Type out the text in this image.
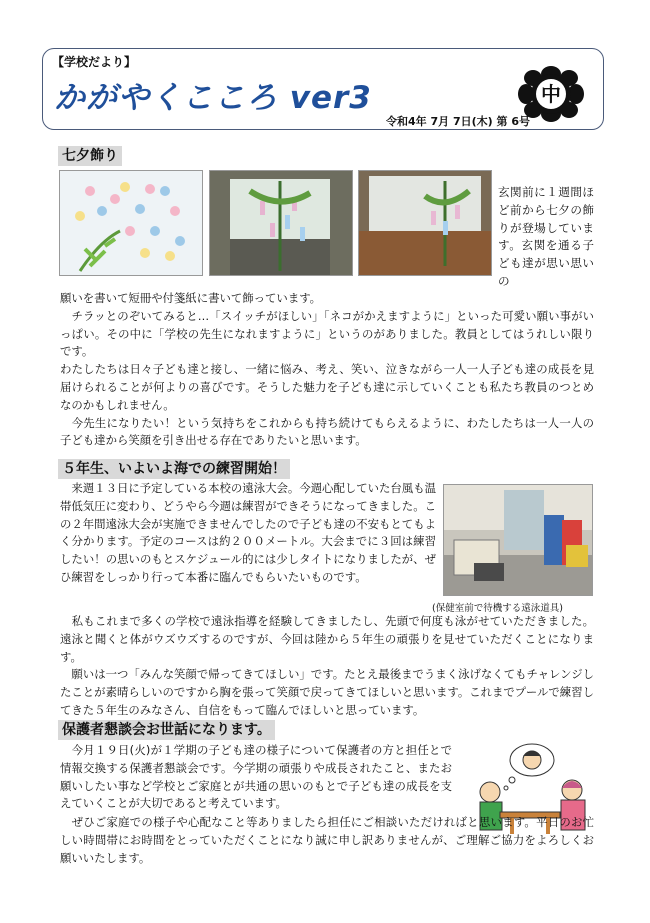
【学校だより】
かがやくこころ ver3
令和4年 7月 7日(木) 第 6号
中
七夕飾り
玄関前に１週間ほど前から七夕の飾りが登場しています。玄関を通る子ども達が思い思いの

願いを書いて短冊や付箋紙に書いて飾っています。

　チラッとのぞいてみると…「スイッチがほしい」「ネコがかえますように」といった可愛い願い事がいっぱい。その中に「学校の先生になれますように」というのがありました。教員としてはうれしい限りです。

わたしたちは日々子ども達と接し、一緒に悩み、考え、笑い、泣きながら一人一人子ども達の成長を見届けられることが何よりの喜びです。そうした魅力を子ども達に示していくことも私たち教員のつとめなのかもしれません。

　今先生になりたい！という気持ちをこれからも持ち続けてもらえるように、わたしたちは一人一人の子ども達から笑顔を引き出せる存在でありたいと思います。

５年生、いよいよ海での練習開始！

　来週１３日に予定している本校の遠泳大会。今週心配していた台風も温帯低気圧に変わり、どうやら今週は練習ができそうになってきました。この２年間遠泳大会が実施できませんでしたので子ども達の不安もとてもよく分かります。予定のコースは約２００メートル。大会までに３回は練習したい！の思いのもとスケジュール的には少しタイトになりましたが、ぜひ練習をしっかり行って本番に臨んでもらいたいものです。

(保健室前で待機する遠泳道具)

　私もこれまで多くの学校で遠泳指導を経験してきましたし、先頭で何度も泳がせていただきました。遠泳と聞くと体がウズウズするのですが、今回は陸から５年生の頑張りを見せていただくことになります。

　願いは一つ「みんな笑顔で帰ってきてほしい」です。たとえ最後までうまく泳げなくてもチャレンジしたことが素晴らしいのですから胸を張って笑顔で戻ってきてほしいと思います。これまでプールで練習してきた５年生のみなさん、自信をもって臨んでほしいと思っています。

保護者懇談会お世話になります。

　今月１９日(火)が１学期の子ども達の様子について保護者の方と担任とで情報交換する保護者懇談会です。今学期の頑張りや成長されたこと、またお願いしたい事など学校とご家庭とが共通の思いのもとで子ども達の成長を支えていくことが大切であると考えています。

　ぜひご家庭での様子や心配なこと等ありましたら担任にご相談いただければと思います。平日のお忙しい時間帯にお時間をとっていただくことになり誠に申し訳ありませんが、ご理解ご協力をよろしくお願いいたします。
